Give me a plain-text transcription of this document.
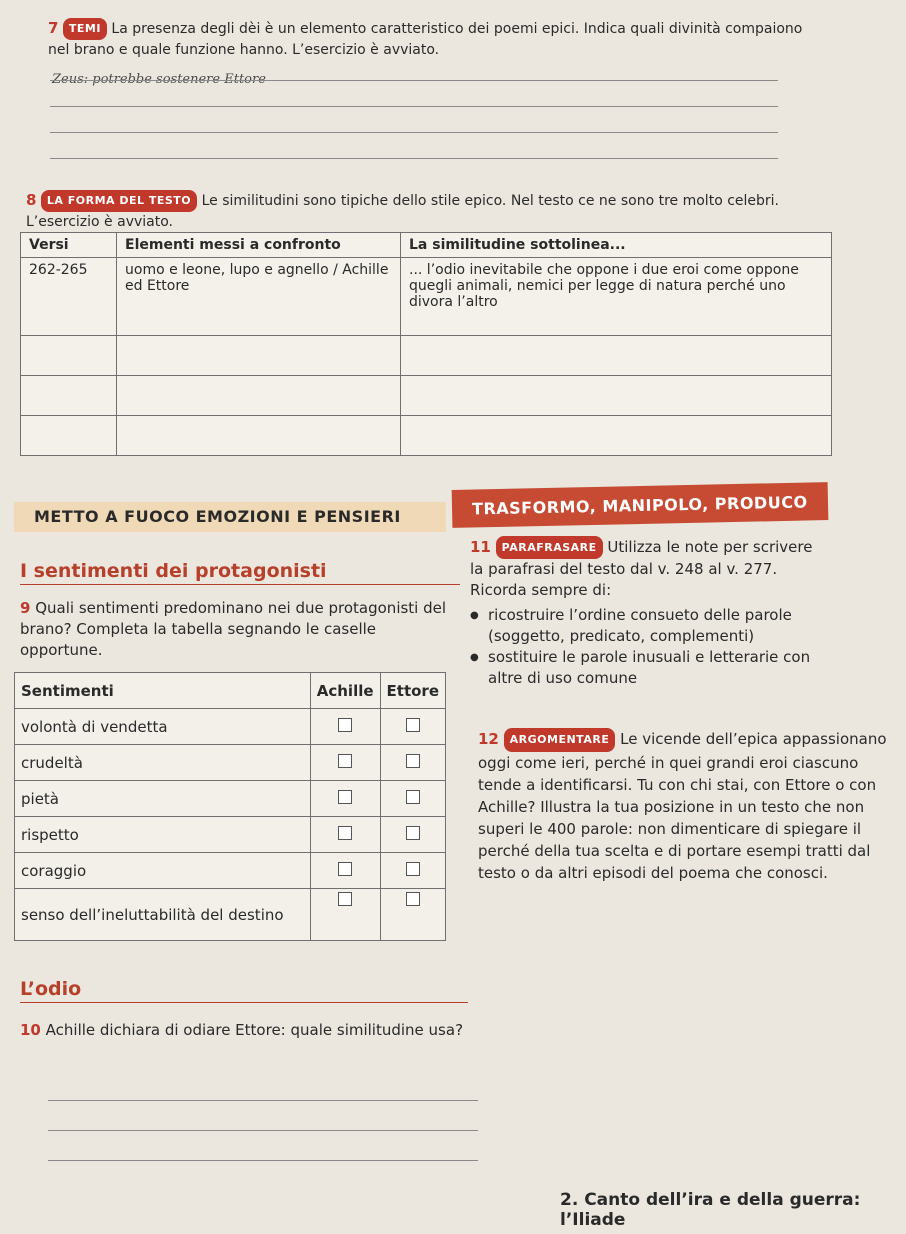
7 TEMI La presenza degli dèi è un elemento caratteristico dei poemi epici. Indica quali divinità compaiono nel brano e quale funzione hanno. L’esercizio è avviato.
Zeus: potrebbe sostenere Ettore
8 LA FORMA DEL TESTO Le similitudini sono tipiche dello stile epico. Nel testo ce ne sono tre molto celebri. L’esercizio è avviato.
Versi	Elementi messi a confronto	La similitudine sottolinea...
262-265	uomo e leone, lupo e agnello / Achille ed Ettore	... l’odio inevitabile che oppone i due eroi come oppone quegli animali, nemici per legge di natura perché uno divora l’altro

METTO A FUOCO EMOZIONI E PENSIERI	TRASFORMO, MANIPOLO, PRODUCO
I sentimenti dei protagonisti
9 Quali sentimenti predominano nei due protagonisti del brano? Completa la tabella segnando le caselle opportune.
Sentimenti	Achille	Ettore
volontà di vendetta		
crudeltà		
pietà		
rispetto		
coraggio		
senso dell’ineluttabilità del destino		
L’odio
10 Achille dichiara di odiare Ettore: quale similitudine usa?
11 PARAFRASARE Utilizza le note per scrivere la parafrasi del testo dal v. 248 al v. 277. Ricorda sempre di:
● ricostruire l’ordine consueto delle parole (soggetto, predicato, complementi)
● sostituire le parole inusuali e letterarie con altre di uso comune
12 ARGOMENTARE Le vicende dell’epica appassionano oggi come ieri, perché in quei grandi eroi ciascuno tende a identificarsi. Tu con chi stai, con Ettore o con Achille? Illustra la tua posizione in un testo che non superi le 400 parole: non dimenticare di spiegare il perché della tua scelta e di portare esempi tratti dal testo o da altri episodi del poema che conosci.
2. Canto dell’ira e della guerra: l’Iliade
